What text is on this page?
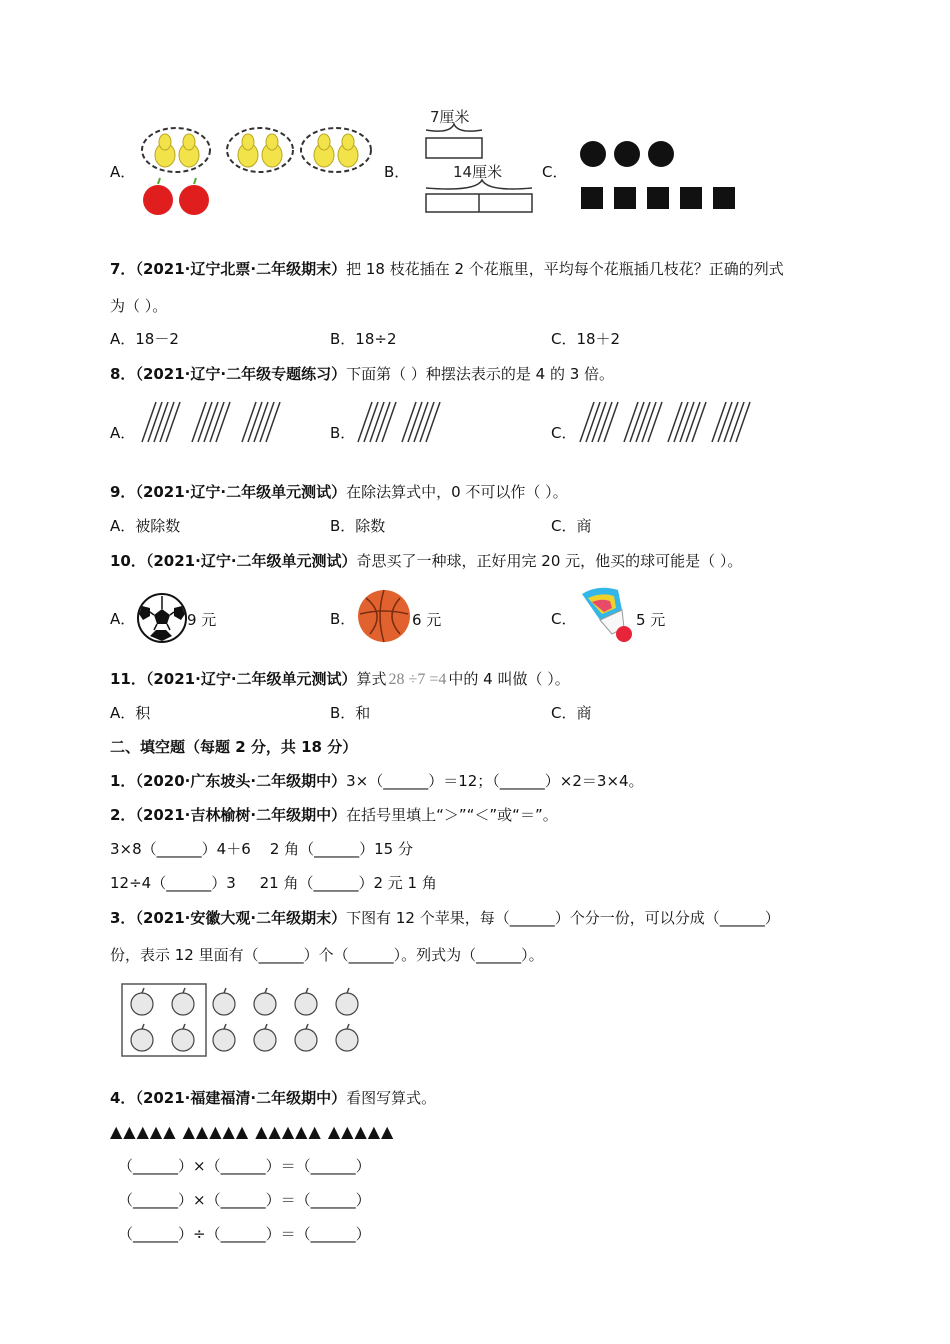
A．	B．
7厘米
14厘米	C．
7．（2021·辽宁北票·二年级期末）把 18 枝花插在 2 个花瓶里，平均每个花瓶插几枝花？正确的列式
为（ ）。
A．18－2	B．18÷2	C．18＋2
8．（2021·辽宁·二年级专题练习）下面第（ ）种摆法表示的是 4 的 3 倍。
A．	B．	C．
9．（2021·辽宁·二年级单元测试）在除法算式中，0 不可以作（ ）。
A．被除数	B．除数	C．商
10．（2021·辽宁·二年级单元测试）奇思买了一种球，正好用完 20 元，他买的球可能是（ ）。
A．	9 元	B．	6 元	C．	5 元
11．（2021·辽宁·二年级单元测试）算式 28 ÷7 =4 中的 4 叫做（ ）。
A．积	B．和	C．商
二、填空题（每题 2 分，共 18 分）
1．（2020·广东坡头·二年级期中）3×（______）＝12；（______）×2＝3×4。
2．（2021·吉林榆树·二年级期中）在括号里填上“＞”“＜”或“＝”。
3×8（______）4＋6    2 角（______）15 分
12÷4（______）3     21 角（______）2 元 1 角
3．（2021·安徽大观·二年级期末）下图有 12 个苹果，每（______）个分一份，可以分成（______）
份，表示 12 里面有（______）个（______）。列式为（______）。
4．（2021·福建福清·二年级期中）看图写算式。
▲▲▲▲▲ ▲▲▲▲▲ ▲▲▲▲▲ ▲▲▲▲▲
（______）×（______）＝（______）
（______）×（______）＝（______）
（______）÷（______）＝（______）
